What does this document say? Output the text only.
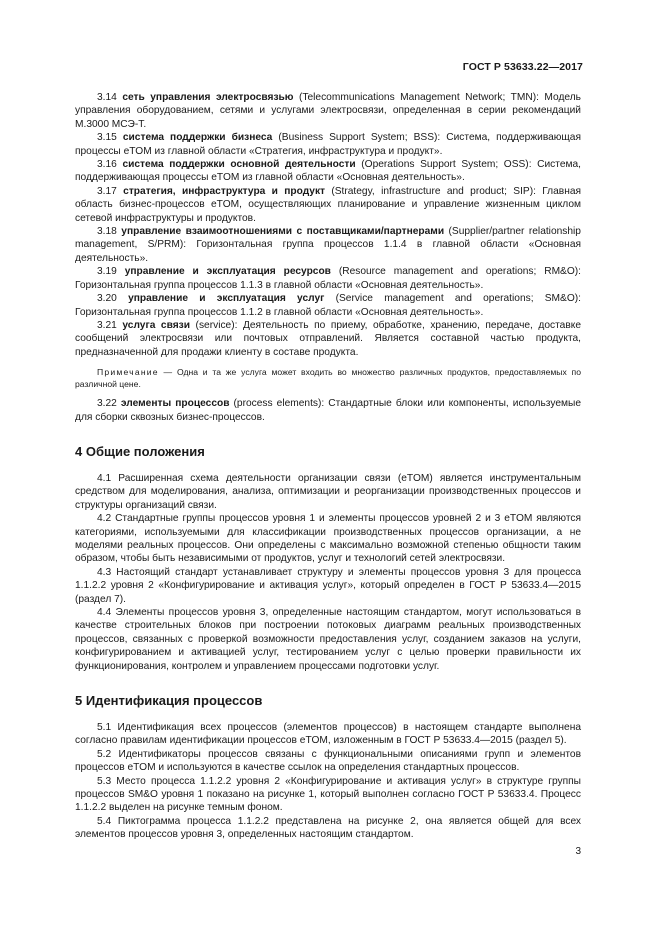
ГОСТ Р 53633.22—2017

3.14 сеть управления электросвязью (Telecommunications Management Network; TMN): Модель управления оборудованием, сетями и услугами электросвязи, определенная в серии рекомендаций М.3000 МСЭ-Т.

3.15 система поддержки бизнеса (Business Support System; BSS): Система, поддерживающая процессы eTOM из главной области «Стратегия, инфраструктура и продукт».

3.16 система поддержки основной деятельности (Operations Support System; OSS): Система, поддерживающая процессы eTOM из главной области «Основная деятельность».

3.17 стратегия, инфраструктура и продукт (Strategy, infrastructure and product; SIP): Главная область бизнес-процессов eTOM, осуществляющих планирование и управление жизненным циклом сетевой инфраструктуры и продуктов.

3.18 управление взаимоотношениями с поставщиками/партнерами (Supplier/partner relationship management, S/PRM): Горизонтальная группа процессов 1.1.4 в главной области «Основная деятельность».

3.19 управление и эксплуатация ресурсов (Resource management and operations; RM&O): Горизонтальная группа процессов 1.1.3 в главной области «Основная деятельность».

3.20 управление и эксплуатация услуг (Service management and operations; SM&O): Горизонтальная группа процессов 1.1.2 в главной области «Основная деятельность».

3.21 услуга связи (service): Деятельность по приему, обработке, хранению, передаче, доставке сообщений электросвязи или почтовых отправлений. Является составной частью продукта, предназначенной для продажи клиенту в составе продукта.

Примечание — Одна и та же услуга может входить во множество различных продуктов, предоставляемых по различной цене.

3.22 элементы процессов (process elements): Стандартные блоки или компоненты, используемые для сборки сквозных бизнес-процессов.

4 Общие положения

4.1 Расширенная схема деятельности организации связи (eTOM) является инструментальным средством для моделирования, анализа, оптимизации и реорганизации производственных процессов и структуры организаций связи.

4.2 Стандартные группы процессов уровня 1 и элементы процессов уровней 2 и 3 eTOM являются категориями, используемыми для классификации производственных процессов организации, а не моделями реальных процессов. Они определены с максимально возможной степенью общности таким образом, чтобы быть независимыми от продуктов, услуг и технологий сетей электросвязи.

4.3 Настоящий стандарт устанавливает структуру и элементы процессов уровня 3 для процесса 1.1.2.2 уровня 2 «Конфигурирование и активация услуг», который определен в ГОСТ Р 53633.4—2015 (раздел 7).

4.4 Элементы процессов уровня 3, определенные настоящим стандартом, могут использоваться в качестве строительных блоков при построении потоковых диаграмм реальных производственных процессов, связанных с проверкой возможности предоставления услуг, созданием заказов на услуги, конфигурированием и активацией услуг, тестированием услуг с целью проверки правильности их функционирования, контролем и управлением процессами подготовки услуг.

5 Идентификация процессов

5.1 Идентификация всех процессов (элементов процессов) в настоящем стандарте выполнена согласно правилам идентификации процессов eTOM, изложенным в ГОСТ Р 53633.4—2015 (раздел 5).

5.2 Идентификаторы процессов связаны с функциональными описаниями групп и элементов процессов eTOM и используются в качестве ссылок на определения стандартных процессов.

5.3 Место процесса 1.1.2.2 уровня 2 «Конфигурирование и активация услуг» в структуре группы процессов SM&O уровня 1 показано на рисунке 1, который выполнен согласно ГОСТ Р 53633.4. Процесс 1.1.2.2 выделен на рисунке темным фоном.

5.4 Пиктограмма процесса 1.1.2.2 представлена на рисунке 2, она является общей для всех элементов процессов уровня 3, определенных настоящим стандартом.

3
